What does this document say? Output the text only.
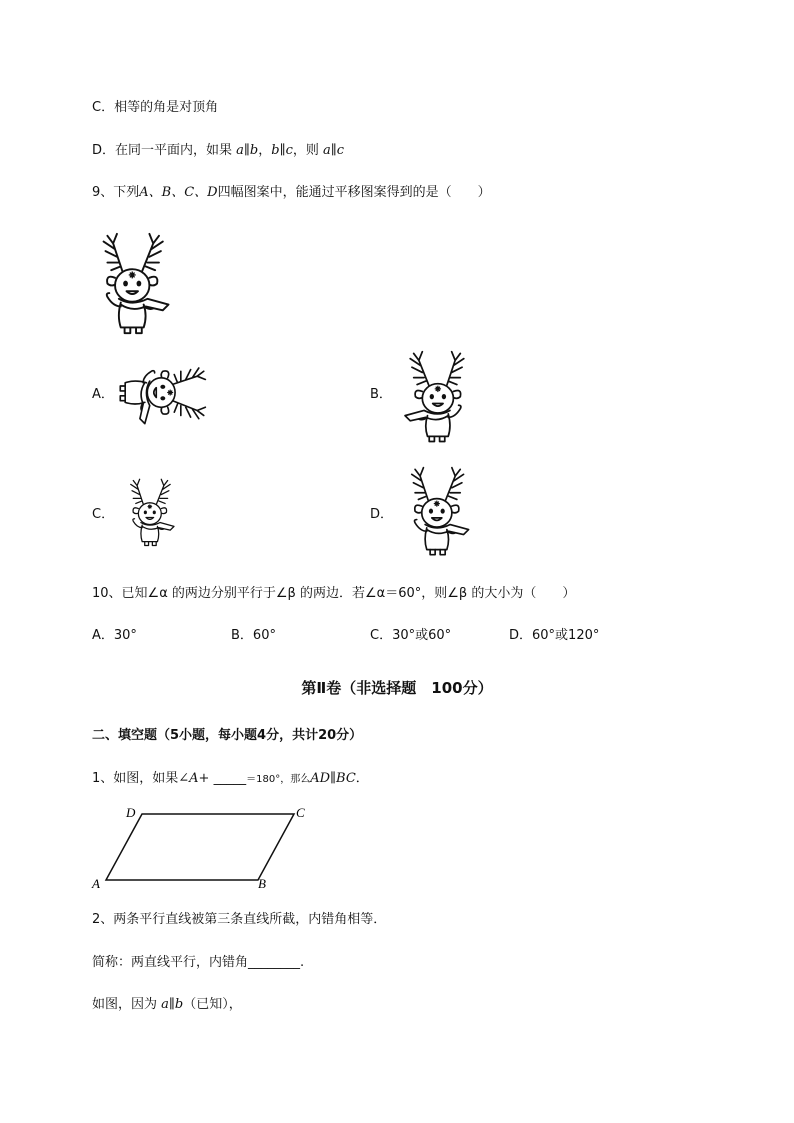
C．相等的角是对顶角
D．在同一平面内，如果 a∥b，b∥c，则 a∥c
9、下列A、B、C、D四幅图案中，能通过平移图案得到的是（　　）
A．	B．
C．	D．
10、已知∠α 的两边分别平行于∠β 的两边．若∠α＝60°，则∠β 的大小为（　　）
A．30°	B．60°	C．30°或60°	D．60°或120°
第Ⅱ卷（非选择题　100分）
二、填空题（5小题，每小题4分，共计20分）
1、如图，如果∠A+ _____＝180°，那么AD∥BC．
A	B
C
D
2、两条平行直线被第三条直线所截，内错角相等．
简称：两直线平行，内错角________.
如图，因为 a∥b（已知），
